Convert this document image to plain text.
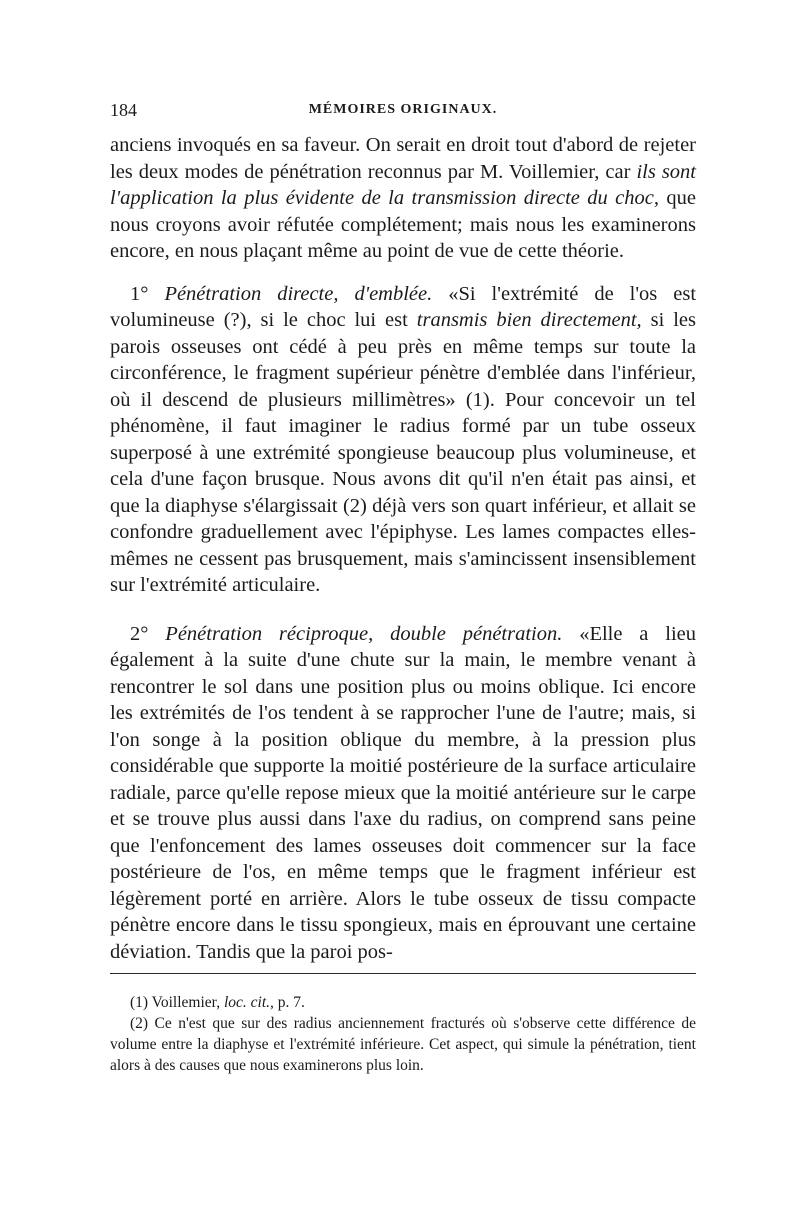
184	MÉMOIRES ORIGINAUX.

anciens invoqués en sa faveur. On serait en droit tout d'abord de rejeter les deux modes de pénétration reconnus par M. Voillemier, car ils sont l'application la plus évidente de la transmission directe du choc, que nous croyons avoir réfutée complétement; mais nous les examinerons encore, en nous plaçant même au point de vue de cette théorie.

1° Pénétration directe, d'emblée. «Si l'extrémité de l'os est volumineuse (?), si le choc lui est transmis bien directement, si les parois osseuses ont cédé à peu près en même temps sur toute la circonférence, le fragment supérieur pénètre d'emblée dans l'inférieur, où il descend de plusieurs millimètres» (1). Pour concevoir un tel phénomène, il faut imaginer le radius formé par un tube osseux superposé à une extrémité spongieuse beaucoup plus volumineuse, et cela d'une façon brusque. Nous avons dit qu'il n'en était pas ainsi, et que la diaphyse s'élargissait (2) déjà vers son quart inférieur, et allait se confondre graduellement avec l'épiphyse. Les lames compactes elles-mêmes ne cessent pas brusquement, mais s'amincissent insensiblement sur l'extrémité articulaire.

2° Pénétration réciproque, double pénétration. «Elle a lieu également à la suite d'une chute sur la main, le membre venant à rencontrer le sol dans une position plus ou moins oblique. Ici encore les extrémités de l'os tendent à se rapprocher l'une de l'autre; mais, si l'on songe à la position oblique du membre, à la pression plus considérable que supporte la moitié postérieure de la surface articulaire radiale, parce qu'elle repose mieux que la moitié antérieure sur le carpe et se trouve plus aussi dans l'axe du radius, on comprend sans peine que l'enfoncement des lames osseuses doit commencer sur la face postérieure de l'os, en même temps que le fragment inférieur est légèrement porté en arrière. Alors le tube osseux de tissu compacte pénètre encore dans le tissu spongieux, mais en éprouvant une certaine déviation. Tandis que la paroi pos-

(1) Voillemier, loc. cit., p. 7.

(2) Ce n'est que sur des radius anciennement fracturés où s'observe cette différence de volume entre la diaphyse et l'extrémité inférieure. Cet aspect, qui simule la pénétration, tient alors à des causes que nous examinerons plus loin.
